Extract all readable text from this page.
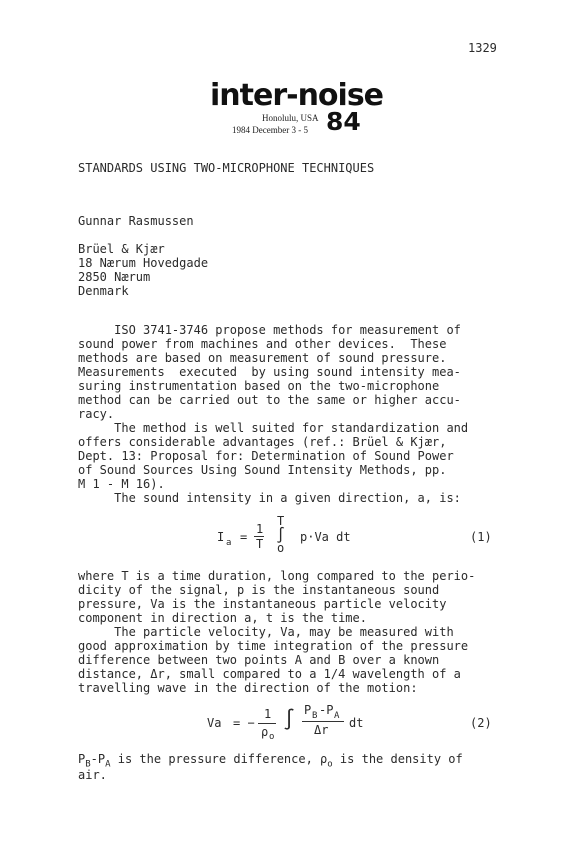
1329
inter-noise
Honolulu, USA
1984 December 3 - 5 84
STANDARDS USING TWO-MICROPHONE TECHNIQUES
Gunnar Rasmussen
Brüel & Kjær
18 Nærum Hovedgade
2850 Nærum
Denmark
ISO 3741-3746 propose methods for measurement of
sound power from machines and other devices.  These
methods are based on measurement of sound pressure.
Measurements  executed  by using sound intensity mea-
suring instrumentation based on the two-microphone
method can be carried out to the same or higher accu-
racy.
The method is well suited for standardization and
offers considerable advantages (ref.: Brüel & Kjær,
Dept. 13: Proposal for: Determination of Sound Power
of Sound Sources Using Sound Intensity Methods, pp.
M 1 - M 16).
The sound intensity in a given direction, a, is:
I a =
1
T
T
∫
o
p·Va dt	(1)
where T is a time duration, long compared to the perio-
dicity of the signal, p is the instantaneous sound
pressure, Va is the instantaneous particle velocity
component in direction a, t is the time.
The particle velocity, Va, may be measured with
good approximation by time integration of the pressure
difference between two points A and B over a known
distance, Δr, small compared to a 1/4 wavelength of a
travelling wave in the direction of the motion:
Va = −
1
ρ o
∫ P B -P A
Δr dt	(2)
$P_B-P_A$ is the pressure difference, $\rho_o$ is the density of
air.
